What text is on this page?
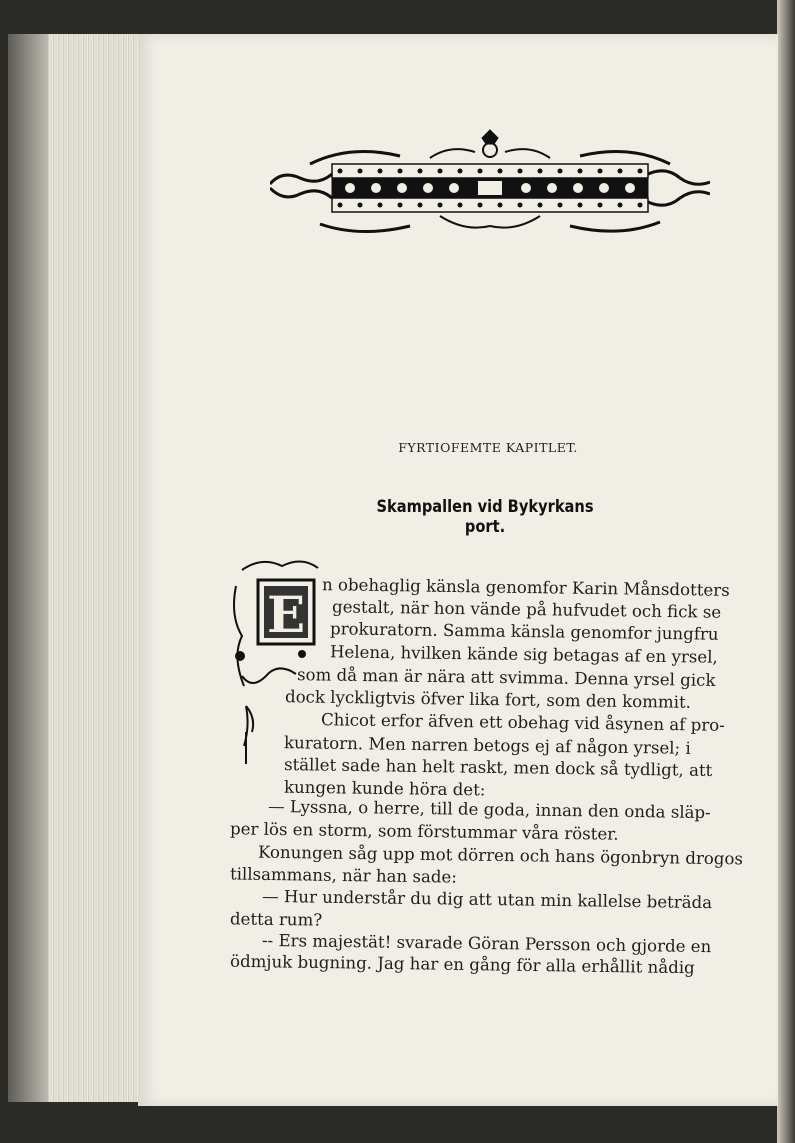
FYRTIOFEMTE KAPITLET.
Skampallen vid Bykyrkans port.
E n obehaglig känsla genomfor Karin Månsdotters
gestalt, när hon vände på hufvudet och fick se
prokuratorn. Samma känsla genomfor jungfru
Helena, hvilken kände sig betagas af en yrsel,
som då man är nära att svimma. Denna yrsel gick
dock lyckligtvis öfver lika fort, som den kommit.
Chicot erfor äfven ett obehag vid åsynen af pro-
kuratorn. Men narren betogs ej af någon yrsel; i
stället sade han helt raskt, men dock så tydligt, att
kungen kunde höra det:
— Lyssna, o herre, till de goda, innan den onda släp-
per lös en storm, som förstummar våra röster.
Konungen såg upp mot dörren och hans ögonbryn drogos
tillsammans, när han sade:
— Hur understår du dig att utan min kallelse beträda
detta rum?
-- Ers majestät! svarade Göran Persson och gjorde en
ödmjuk bugning. Jag har en gång för alla erhållit nådig
